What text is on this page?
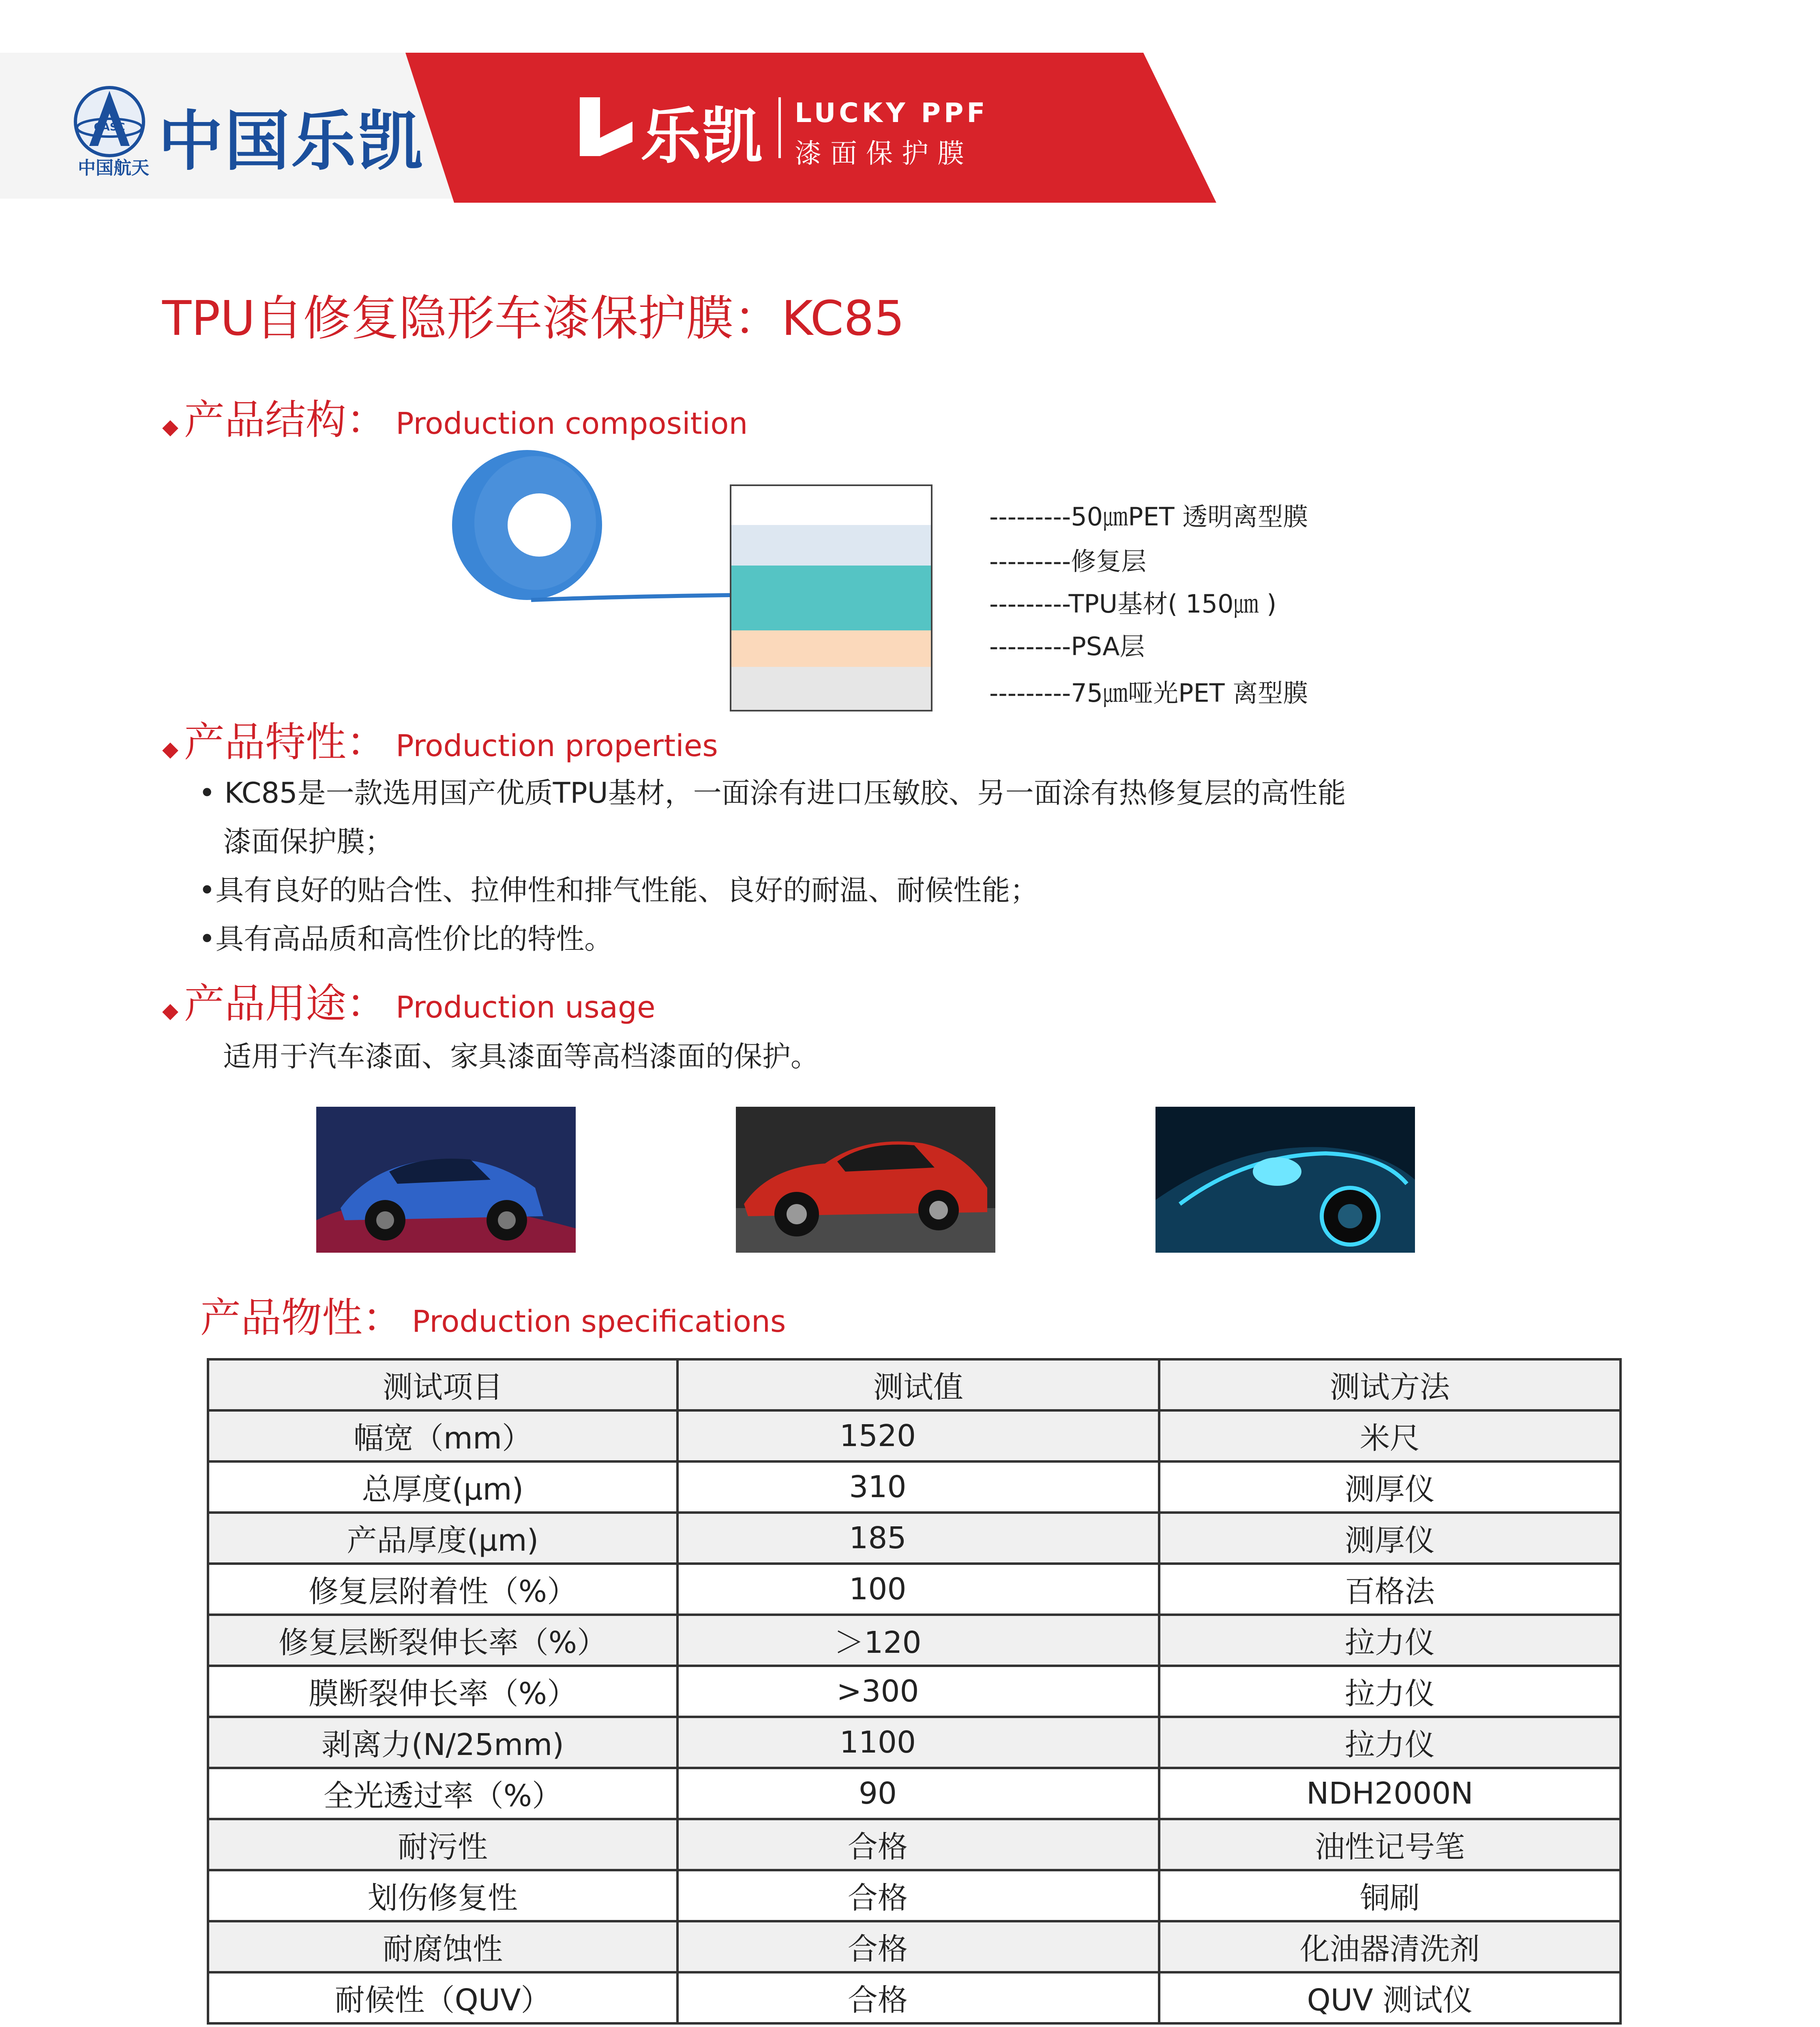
CASC
中国航天 中国乐凯	乐凯 LUCKY PPF
漆面保护膜
TPU自修复隐形车漆保护膜：KC85
◆ 产品结构： Production composition
---------50㎛PET 透明离型膜
---------修复层
---------TPU基材( 150㎛ )
---------PSA层
---------75㎛哑光PET 离型膜
◆ 产品特性： Production properties
• KC85是一款选用国产优质TPU基材，一面涂有进口压敏胶、另一面涂有热修复层的高性能
漆面保护膜；
•具有良好的贴合性、拉伸性和排气性能、良好的耐温、耐候性能；
•具有高品质和高性价比的特性。
◆ 产品用途： Production usage
适用于汽车漆面、家具漆面等高档漆面的保护。
产品物性： Production specifications
测试项目	测试值	测试方法
幅宽（mm）	1520	米尺
总厚度(μm)	310	测厚仪
产品厚度(μm)	185	测厚仪
修复层附着性（%）	100	百格法
修复层断裂伸长率（%）	＞120	拉力仪
膜断裂伸长率（%）	>300	拉力仪
剥离力(N/25mm)	1100	拉力仪
全光透过率（%）	90	NDH2000N
耐污性	合格	油性记号笔
划伤修复性	合格	铜刷
耐腐蚀性	合格	化油器清洗剂
耐候性（QUV）	合格	QUV 测试仪
